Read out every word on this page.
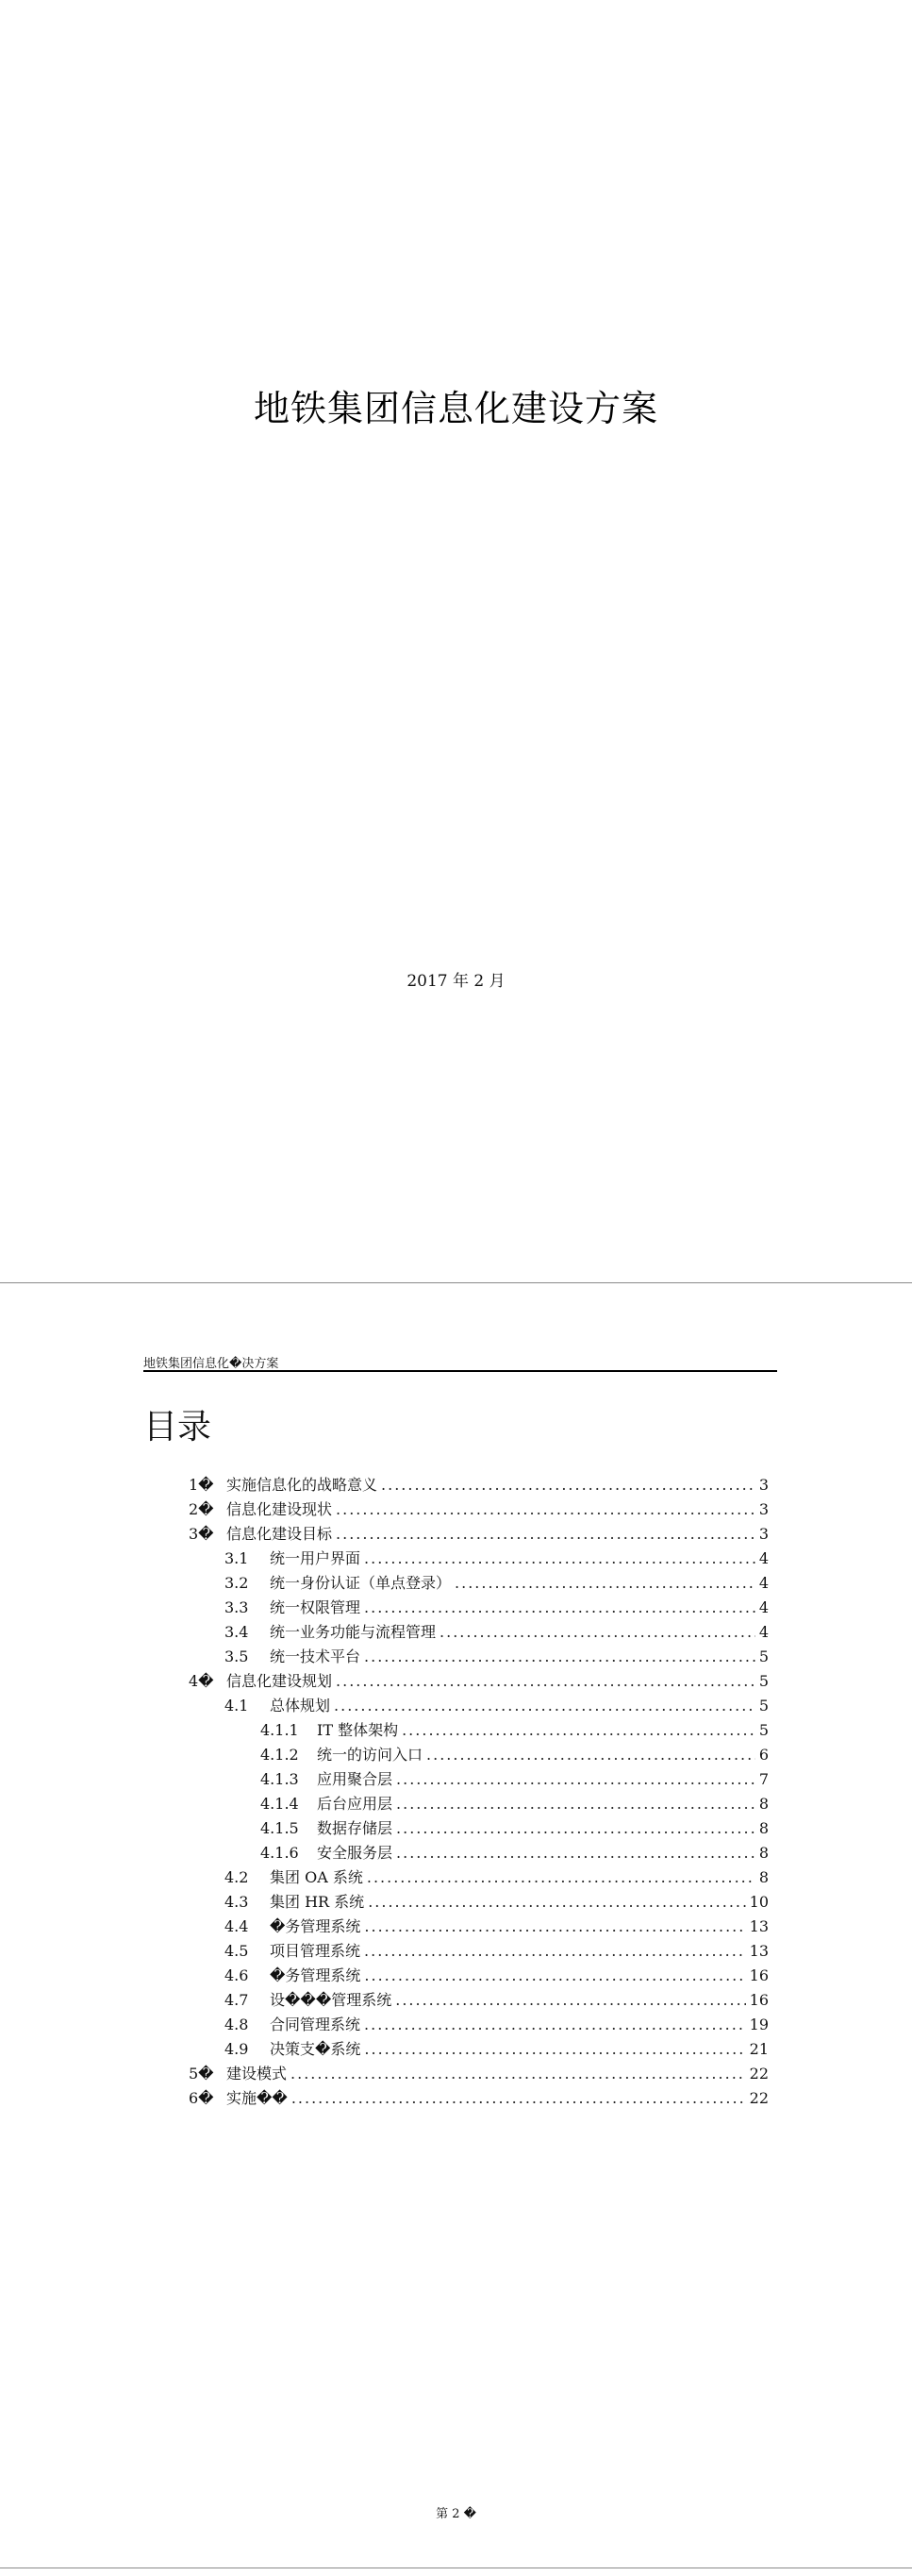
地铁集团信息化建设方案
2017 年 2 月
地铁集团信息化�决方案
目录
1� 实施信息化的战略意义 .....	3
2� 信息化建设现状 .....	3
3� 信息化建设目标 .....	3
3.1	统一用户界面 .....	4
3.2	统一身份认证（单点登录） .....	4
3.3	统一权限管理 .....	4
3.4	统一业务功能与流程管理 .....	4
3.5	统一技术平台 .....	5
4� 信息化建设规划 .....	5
4.1	总体规划 .....	5
4.1.1	IT 整体架构 .....	5
4.1.2	统一的访问入口 .....	6
4.1.3	应用聚合层 .....	7
4.1.4	后台应用层 .....	8
4.1.5	数据存储层 .....	8
4.1.6	安全服务层 .....	8
4.2	集团 OA 系统 .....	8
4.3	集团 HR 系统 .....	10
4.4	�务管理系统 .....	13
4.5	项目管理系统 .....	13
4.6	�务管理系统 .....	16
4.7	设���管理系统 .....	16
4.8	合同管理系统 .....	19
4.9	决策支�系统 .....	21
5� 建设模式 .....	22
6� 实施�� .....	22
第 2 �
